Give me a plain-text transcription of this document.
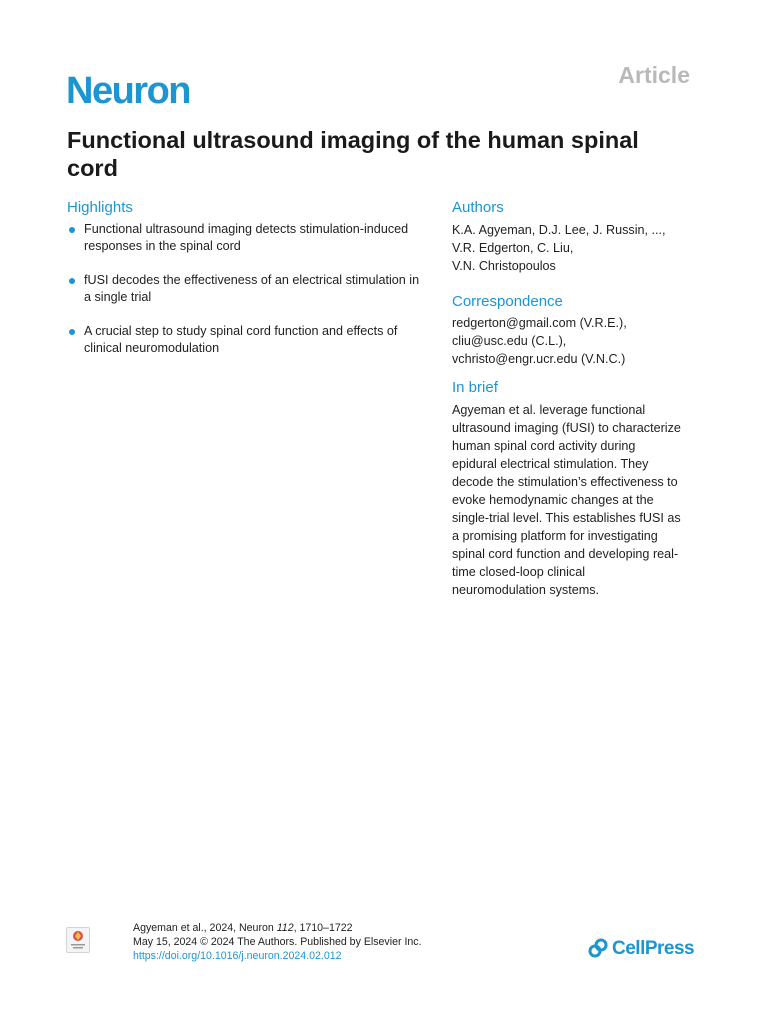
Neuron	Article
Functional ultrasound imaging of the human spinal cord
Highlights
Functional ultrasound imaging detects stimulation-induced
responses in the spinal cord
fUSI decodes the effectiveness of an electrical stimulation in
a single trial
A crucial step to study spinal cord function and effects of
clinical neuromodulation
Authors
K.A. Agyeman, D.J. Lee, J. Russin, ...,
V.R. Edgerton, C. Liu,
V.N. Christopoulos
Correspondence
redgerton@gmail.com (V.R.E.),
cliu@usc.edu (C.L.),
vchristo@engr.ucr.edu (V.N.C.)
In brief
Agyeman et al. leverage functional
ultrasound imaging (fUSI) to characterize
human spinal cord activity during
epidural electrical stimulation. They
decode the stimulation’s effectiveness to
evoke hemodynamic changes at the
single-trial level. This establishes fUSI as
a promising platform for investigating
spinal cord function and developing real-
time closed-loop clinical
neuromodulation systems.
Agyeman et al., 2024, Neuron 112, 1710–1722
May 15, 2024 © 2024 The Authors. Published by Elsevier Inc.
https://doi.org/10.1016/j.neuron.2024.02.012	CellPress
